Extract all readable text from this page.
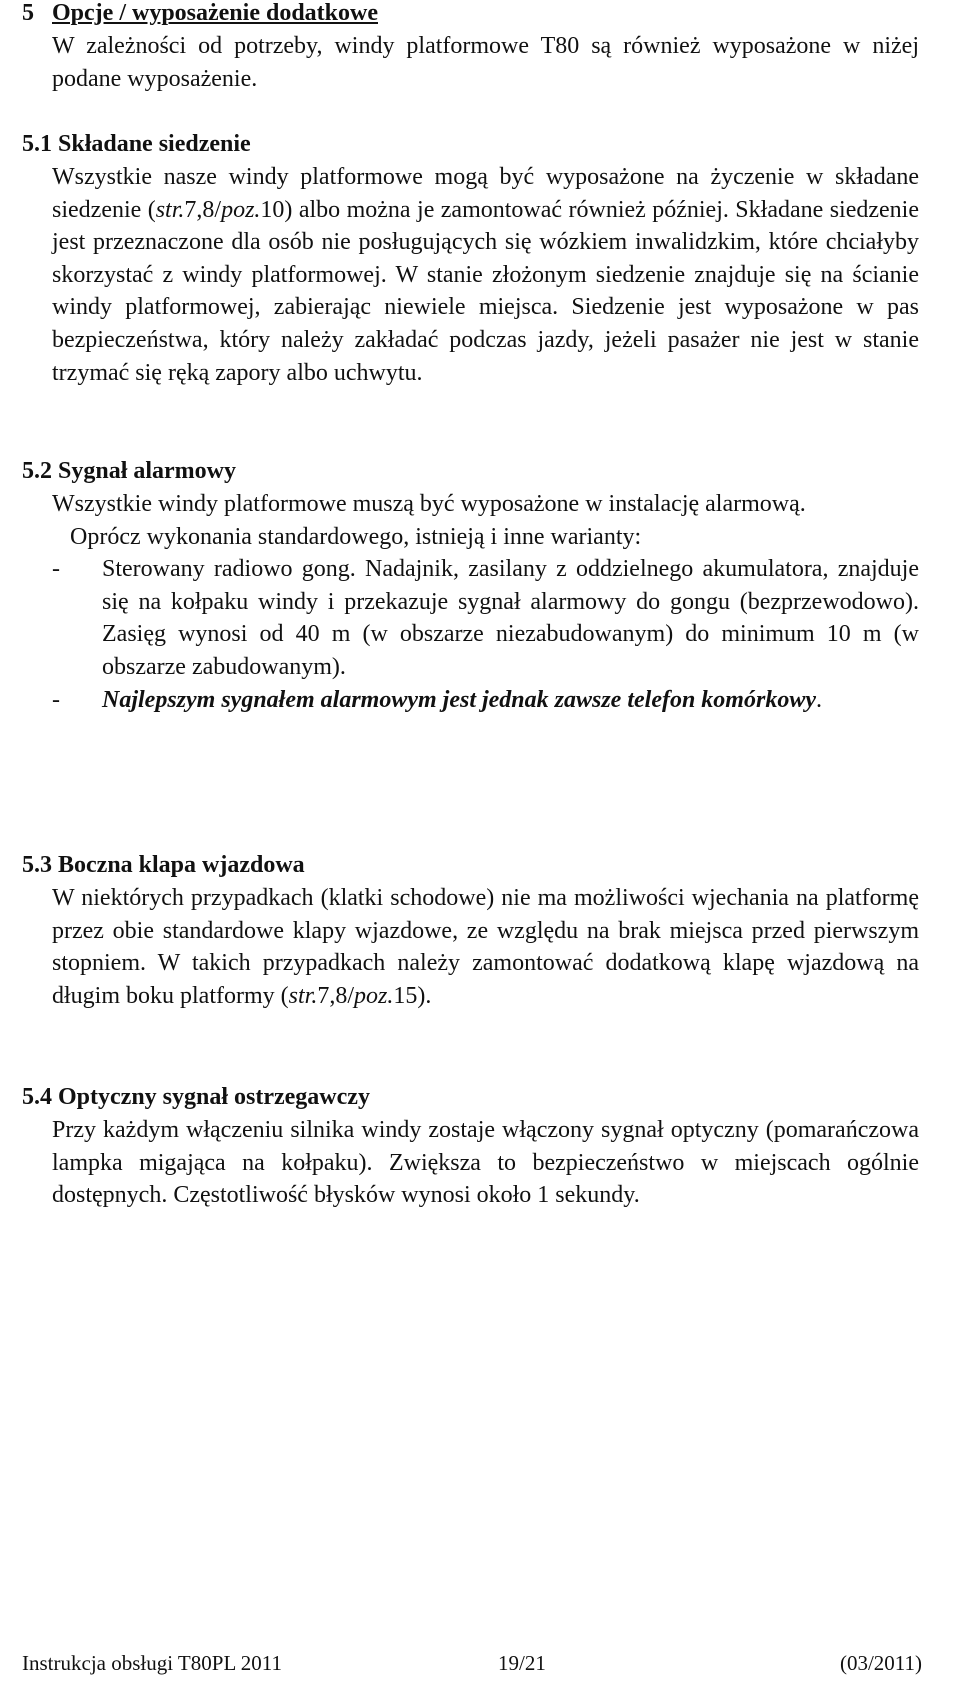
5 Opcje / wyposażenie dodatkowe
W zależności od potrzeby, windy platformowe T80 są również wyposażone w niżej podane wyposażenie.
5.1 Składane siedzenie
Wszystkie nasze windy platformowe mogą być wyposażone na życzenie w składane siedzenie (str.7,8/poz.10) albo można je zamontować również później. Składane siedzenie jest przeznaczone dla osób nie posługujących się wózkiem inwalidzkim, które chciałyby skorzystać z windy platformowej. W stanie złożonym siedzenie znajduje się na ścianie windy platformowej, zabierając niewiele miejsca. Siedzenie jest wyposażone w pas bezpieczeństwa, który należy zakładać podczas jazdy, jeżeli pasażer nie jest w stanie trzymać się ręką zapory albo uchwytu.
5.2 Sygnał alarmowy
Wszystkie windy platformowe muszą być wyposażone w instalację alarmową.
Oprócz wykonania standardowego, istnieją i inne warianty:
-	Sterowany radiowo gong. Nadajnik, zasilany z oddzielnego akumulatora, znajduje się na kołpaku windy i przekazuje sygnał alarmowy do gongu (bezprzewodowo). Zasięg wynosi od 40 m (w obszarze niezabudowanym) do minimum 10 m (w obszarze zabudowanym).
-	Najlepszym sygnałem alarmowym jest jednak zawsze telefon komórkowy.
5.3 Boczna klapa wjazdowa
W niektórych przypadkach (klatki schodowe) nie ma możliwości wjechania na platformę przez obie standardowe klapy wjazdowe, ze względu na brak miejsca przed pierwszym stopniem. W takich przypadkach należy zamontować dodatkową klapę wjazdową na długim boku platformy (str.7,8/poz.15).
5.4 Optyczny sygnał ostrzegawczy
Przy każdym włączeniu silnika windy zostaje włączony sygnał optyczny (pomarańczowa lampka migająca na kołpaku). Zwiększa to bezpieczeństwo w miejscach ogólnie dostępnych. Częstotliwość błysków wynosi około 1 sekundy.
Instrukcja obsługi T80PL 2011	19/21	(03/2011)
